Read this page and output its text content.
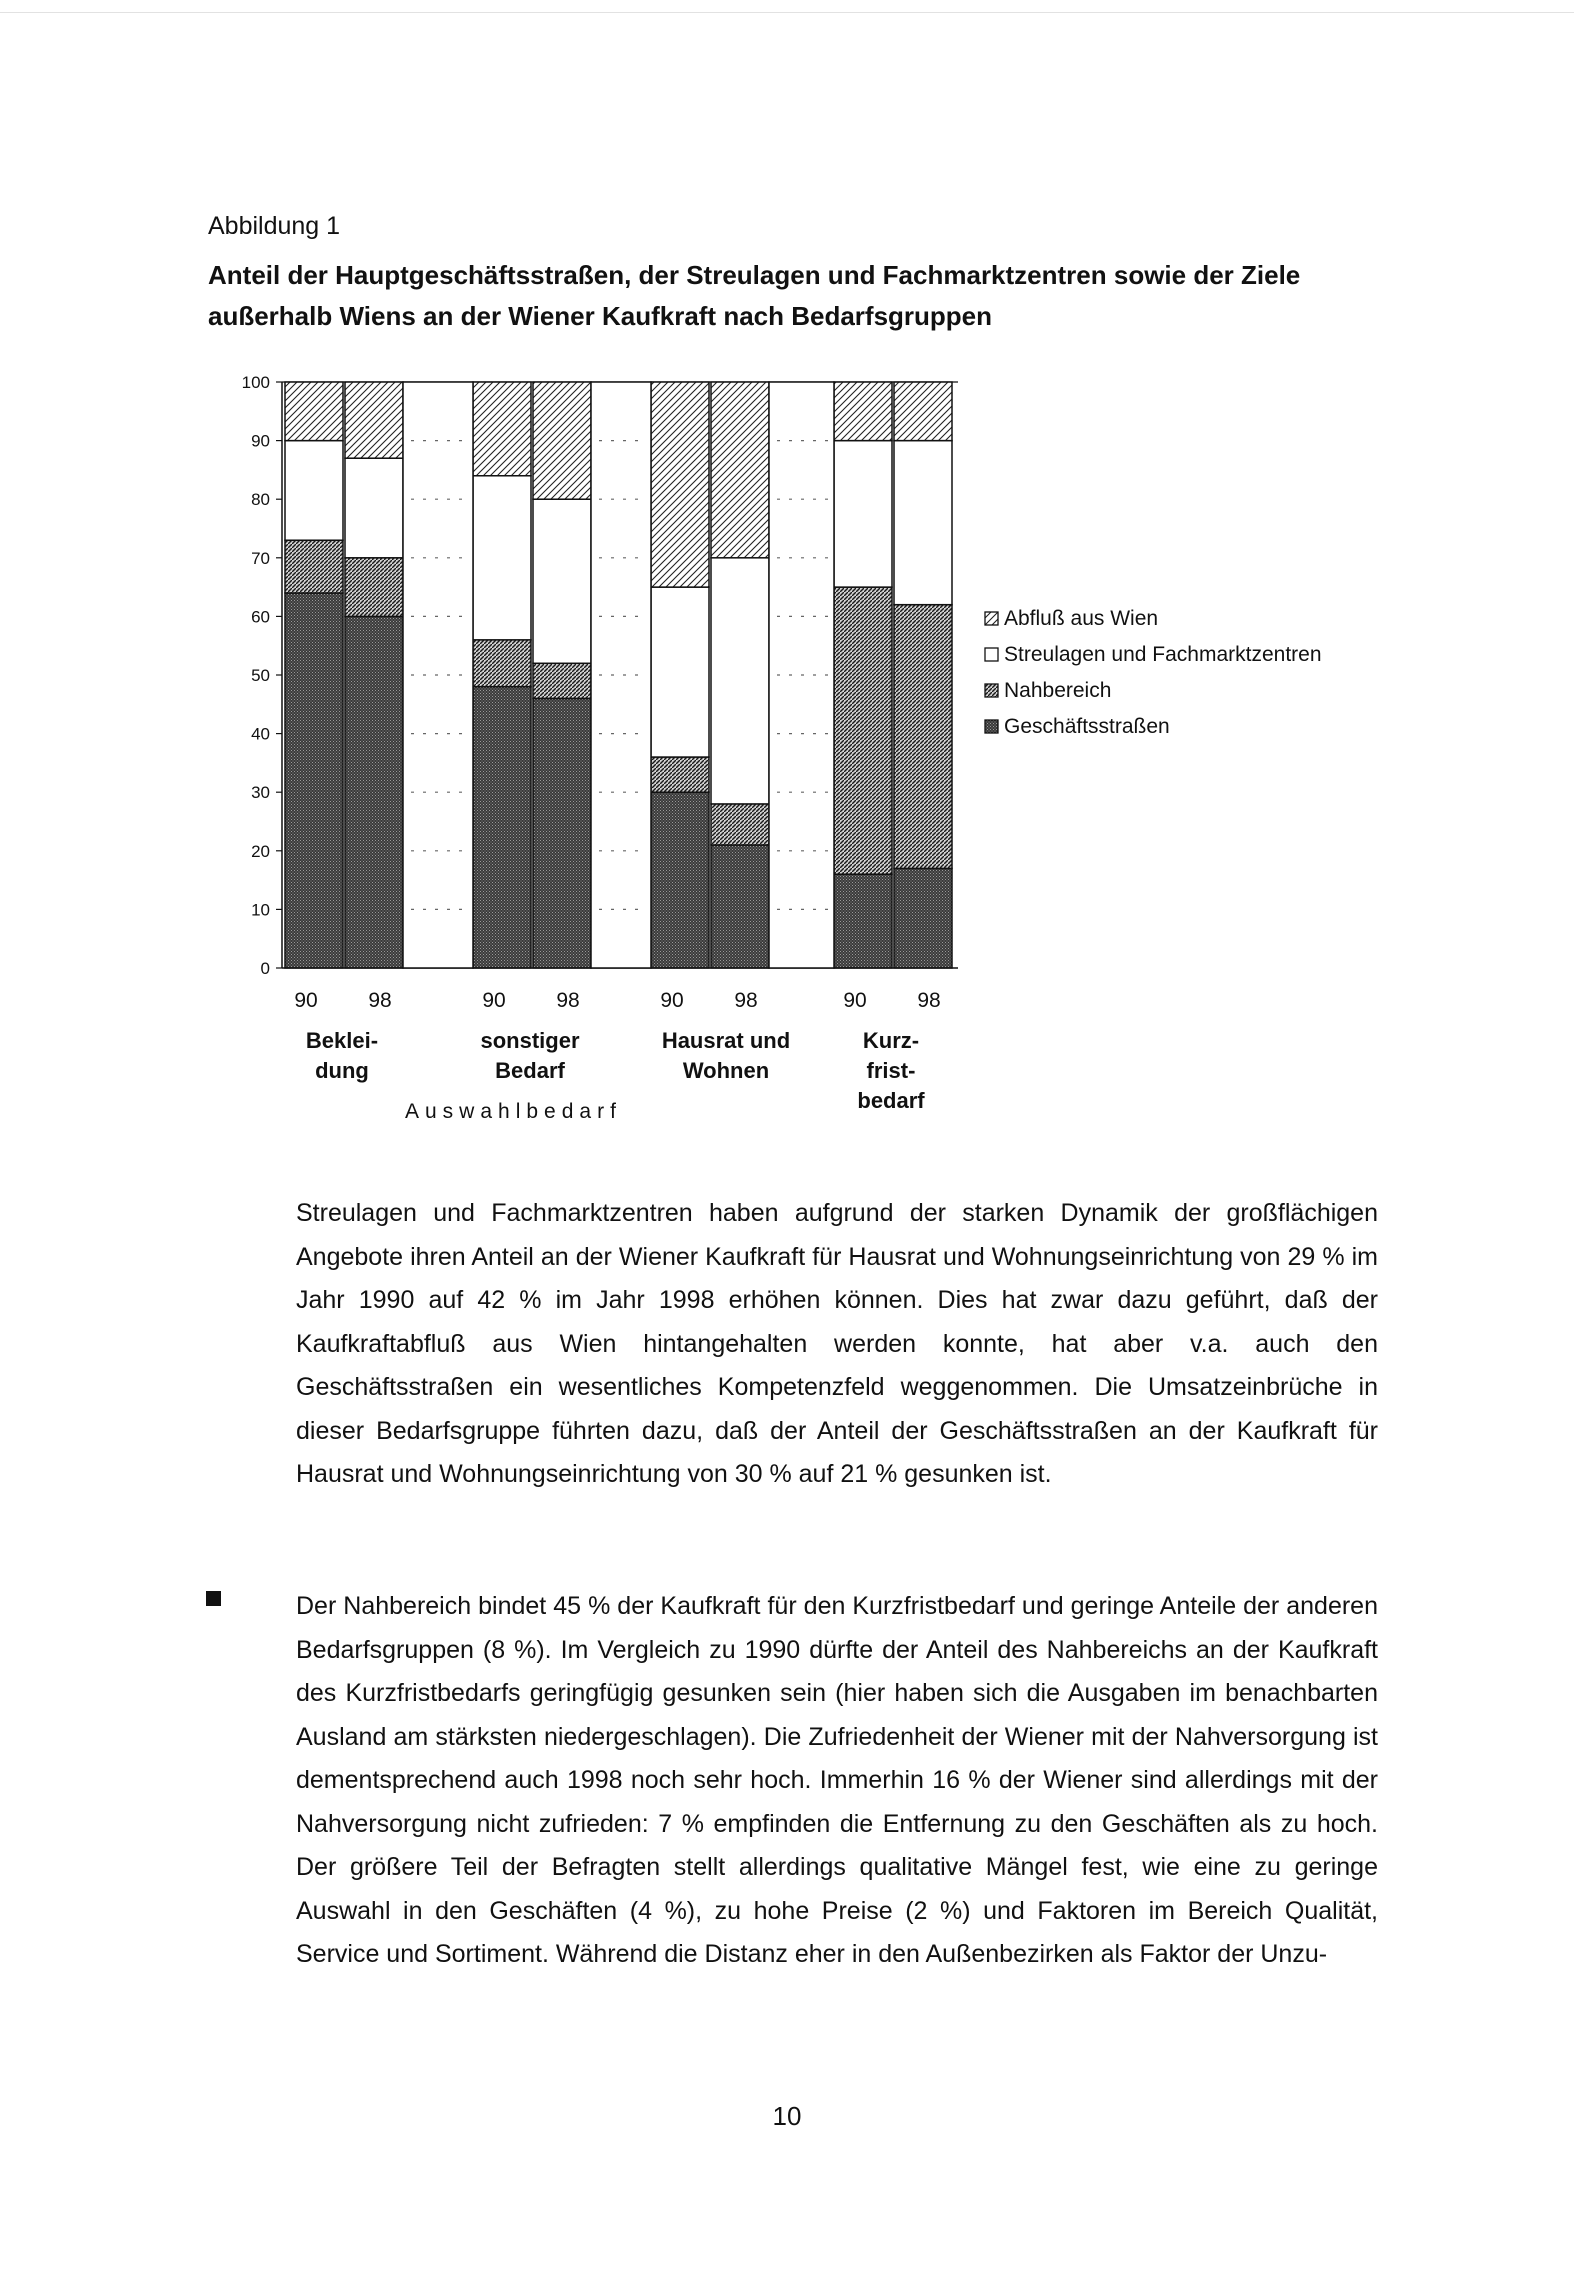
Abbildung 1
Anteil der Hauptgeschäftsstraßen, der Streulagen und Fachmarktzentren sowie der Ziele außerhalb Wiens an der Wiener Kaufkraft nach Bedarfsgruppen
0
10
20
30
40
50
60
70
80
90
100
90 98	90 98	90 98	90 98
Beklei-
dung
sonstiger
Bedarf
Hausrat und
Wohnen
Kurz-
frist-
bedarf
Auswahlbedarf
Abfluß aus Wien
Streulagen und Fachmarktzentren
Nahbereich
Geschäftsstraßen

Streulagen und Fachmarktzentren haben aufgrund der starken Dynamik der großflächigen Angebote ihren Anteil an der Wiener Kaufkraft für Hausrat und Wohnungseinrichtung von 29 % im Jahr 1990 auf 42 % im Jahr 1998 erhöhen können. Dies hat zwar dazu geführt, daß der Kaufkraftabfluß aus Wien hintangehalten werden konnte, hat aber v.a. auch den Geschäftsstraßen ein wesentliches Kompetenzfeld weggenommen. Die Umsatzeinbrüche in dieser Bedarfsgruppe führten dazu, daß der Anteil der Geschäftsstraßen an der Kaufkraft für Hausrat und Wohnungseinrichtung von 30 % auf 21 % gesunken ist.

Der Nahbereich bindet 45 % der Kaufkraft für den Kurzfristbedarf und geringe Anteile der anderen Bedarfsgruppen (8 %). Im Vergleich zu 1990 dürfte der Anteil des Nahbereichs an der Kaufkraft des Kurzfristbedarfs geringfügig gesunken sein (hier haben sich die Ausgaben im benachbarten Ausland am stärksten niedergeschlagen). Die Zufriedenheit der Wiener mit der Nahversorgung ist dementsprechend auch 1998 noch sehr hoch. Immerhin 16 % der Wiener sind allerdings mit der Nahversorgung nicht zufrieden: 7 % empfinden die Entfernung zu den Geschäften als zu hoch. Der größere Teil der Befragten stellt allerdings qualitative Mängel fest, wie eine zu geringe Auswahl in den Geschäften (4 %), zu hohe Preise (2 %) und Faktoren im Bereich Qualität, Service und Sortiment. Während die Distanz eher in den Außenbezirken als Faktor der Unzu-

10
